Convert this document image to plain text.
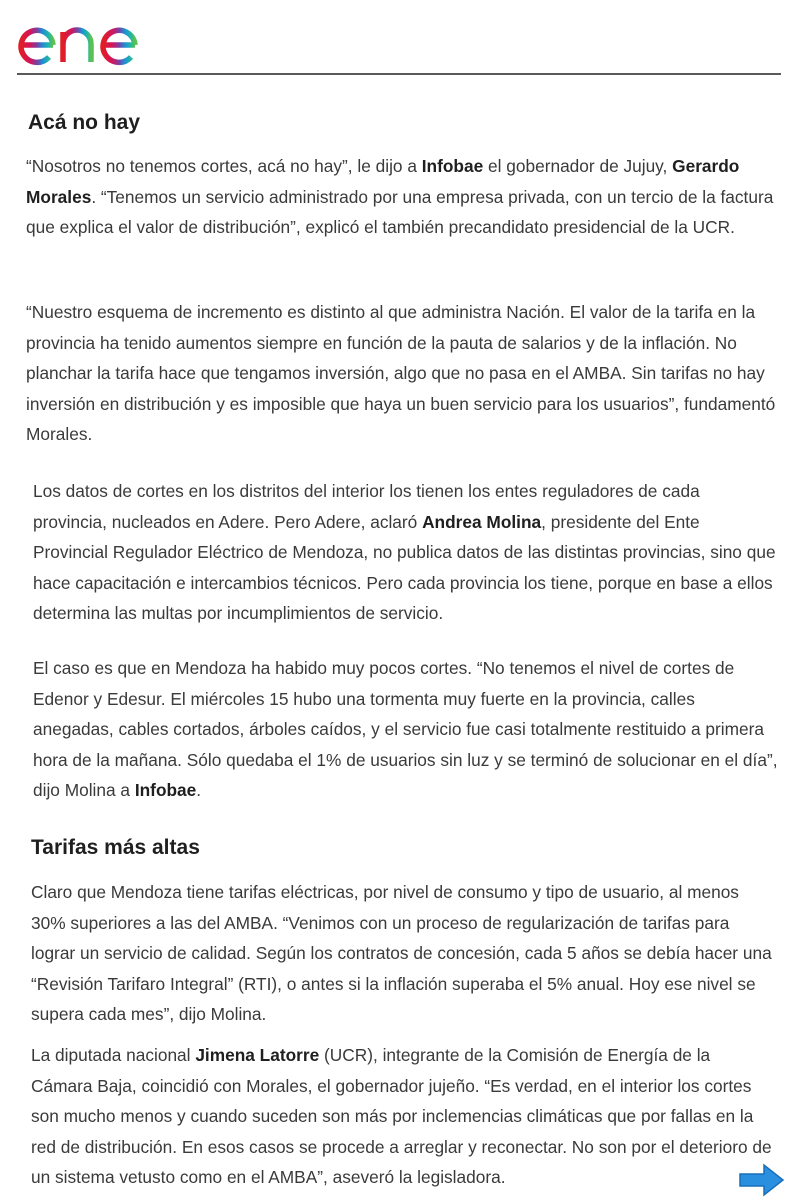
Acá no hay

“Nosotros no tenemos cortes, acá no hay”, le dijo a Infobae el gobernador de Jujuy, Gerardo Morales. “Tenemos un servicio administrado por una empresa privada, con un tercio de la factura que explica el valor de distribución”, explicó el también precandidato presidencial de la UCR.

“Nuestro esquema de incremento es distinto al que administra Nación. El valor de la tarifa en la provincia ha tenido aumentos siempre en función de la pauta de salarios y de la inflación. No planchar la tarifa hace que tengamos inversión, algo que no pasa en el AMBA. Sin tarifas no hay inversión en distribución y es imposible que haya un buen servicio para los usuarios”, fundamentó Morales.

Los datos de cortes en los distritos del interior los tienen los entes reguladores de cada provincia, nucleados en Adere. Pero Adere, aclaró Andrea Molina, presidente del Ente Provincial Regulador Eléctrico de Mendoza, no publica datos de las distintas provincias, sino que hace capacitación e intercambios técnicos. Pero cada provincia los tiene, porque en base a ellos determina las multas por incumplimientos de servicio.

El caso es que en Mendoza ha habido muy pocos cortes. “No tenemos el nivel de cortes de Edenor y Edesur. El miércoles 15 hubo una tormenta muy fuerte en la provincia, calles anegadas, cables cortados, árboles caídos, y el servicio fue casi totalmente restituido a primera hora de la mañana. Sólo quedaba el 1% de usuarios sin luz y se terminó de solucionar en el día”, dijo Molina a Infobae.

Tarifas más altas

Claro que Mendoza tiene tarifas eléctricas, por nivel de consumo y tipo de usuario, al menos 30% superiores a las del AMBA. “Venimos con un proceso de regularización de tarifas para lograr un servicio de calidad. Según los contratos de concesión, cada 5 años se debía hacer una “Revisión Tarifaro Integral” (RTI), o antes si la inflación superaba el 5% anual. Hoy ese nivel se supera cada mes”, dijo Molina.

La diputada nacional Jimena Latorre (UCR), integrante de la Comisión de Energía de la Cámara Baja, coincidió con Morales, el gobernador jujeño. “Es verdad, en el interior los cortes son mucho menos y cuando suceden son más por inclemencias climáticas que por fallas en la red de distribución. En esos casos se procede a arreglar y reconectar. No son por el deterioro de un sistema vetusto como en el AMBA”, aseveró la legisladora.
